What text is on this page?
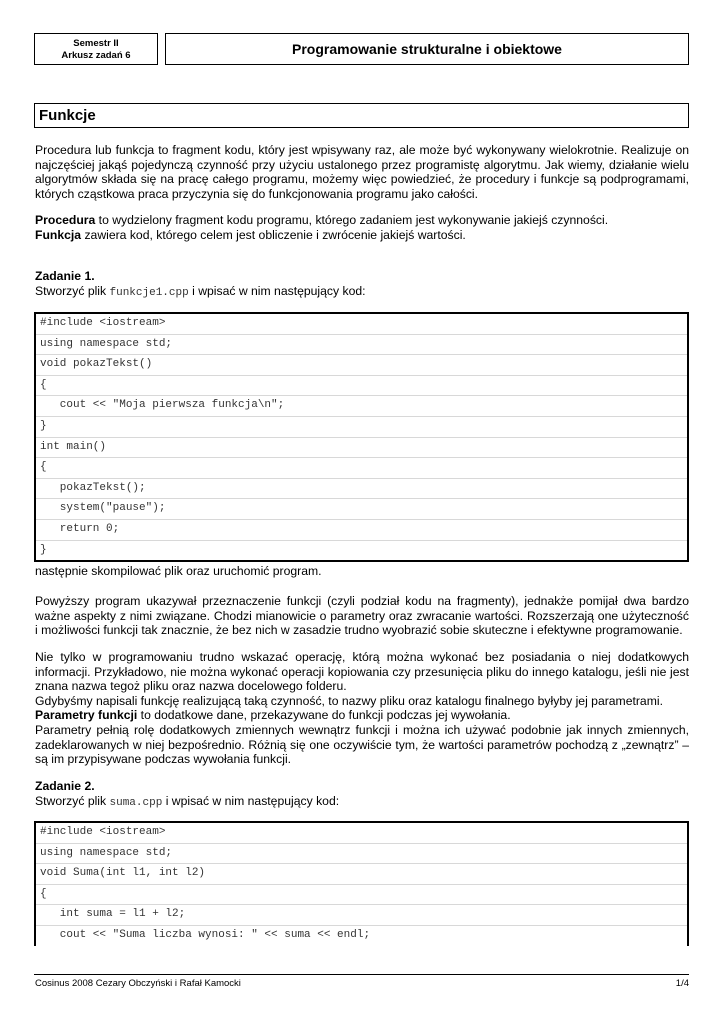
Semestr II
Arkusz zadań 6	Programowanie strukturalne i obiektowe
Funkcje

Procedura lub funkcja to fragment kodu, który jest wpisywany raz, ale może być wykonywany wielokrotnie. Realizuje on najczęściej jakąś pojedynczą czynność przy użyciu ustalonego przez programistę algorytmu. Jak wiemy, działanie wielu algorytmów składa się na pracę całego programu, możemy więc powiedzieć, że procedury i funkcje są podprogramami, których cząstkowa praca przyczynia się do funkcjonowania programu jako całości.

Procedura to wydzielony fragment kodu programu, którego zadaniem jest wykonywanie jakiejś czynności.

Funkcja zawiera kod, którego celem jest obliczenie i zwrócenie jakiejś wartości.

Zadanie 1.

Stworzyć plik funkcje1.cpp i wpisać w nim następujący kod:

#include <iostream>
using namespace std;
void pokazTekst()
{
cout << "Moja pierwsza funkcja\n";
}
int main()
{
pokazTekst();
system("pause");
return 0;
}

następnie skompilować plik oraz uruchomić program.

Powyższy program ukazywał przeznaczenie funkcji (czyli podział kodu na fragmenty), jednakże pomijał dwa bardzo ważne aspekty z nimi związane. Chodzi mianowicie o parametry oraz zwracanie wartości. Rozszerzają one użyteczność i możliwości funkcji tak znacznie, że bez nich w zasadzie trudno wyobrazić sobie skuteczne i efektywne programowanie.

Nie tylko w programowaniu trudno wskazać operację, którą można wykonać bez posiadania o niej dodatkowych informacji. Przykładowo, nie można wykonać operacji kopiowania czy przesunięcia pliku do innego katalogu, jeśli nie jest znana nazwa tegoż pliku oraz nazwa docelowego folderu.

Gdybyśmy napisali funkcję realizującą taką czynność, to nazwy pliku oraz katalogu finalnego byłyby jej parametrami.

Parametry funkcji to dodatkowe dane, przekazywane do funkcji podczas jej wywołania.

Parametry pełnią rolę dodatkowych zmiennych wewnątrz funkcji i można ich używać podobnie jak innych zmiennych, zadeklarowanych w niej bezpośrednio. Różnią się one oczywiście tym, że wartości parametrów pochodzą z „zewnątrz” – są im przypisywane podczas wywołania funkcji.

Zadanie 2.

Stworzyć plik suma.cpp i wpisać w nim następujący kod:

#include <iostream>
using namespace std;
void Suma(int l1, int l2)
{
int suma = l1 + l2;
cout << "Suma liczba wynosi: " << suma << endl;
Cosinus 2008 Cezary Obczyński i Rafał Kamocki	1/4
